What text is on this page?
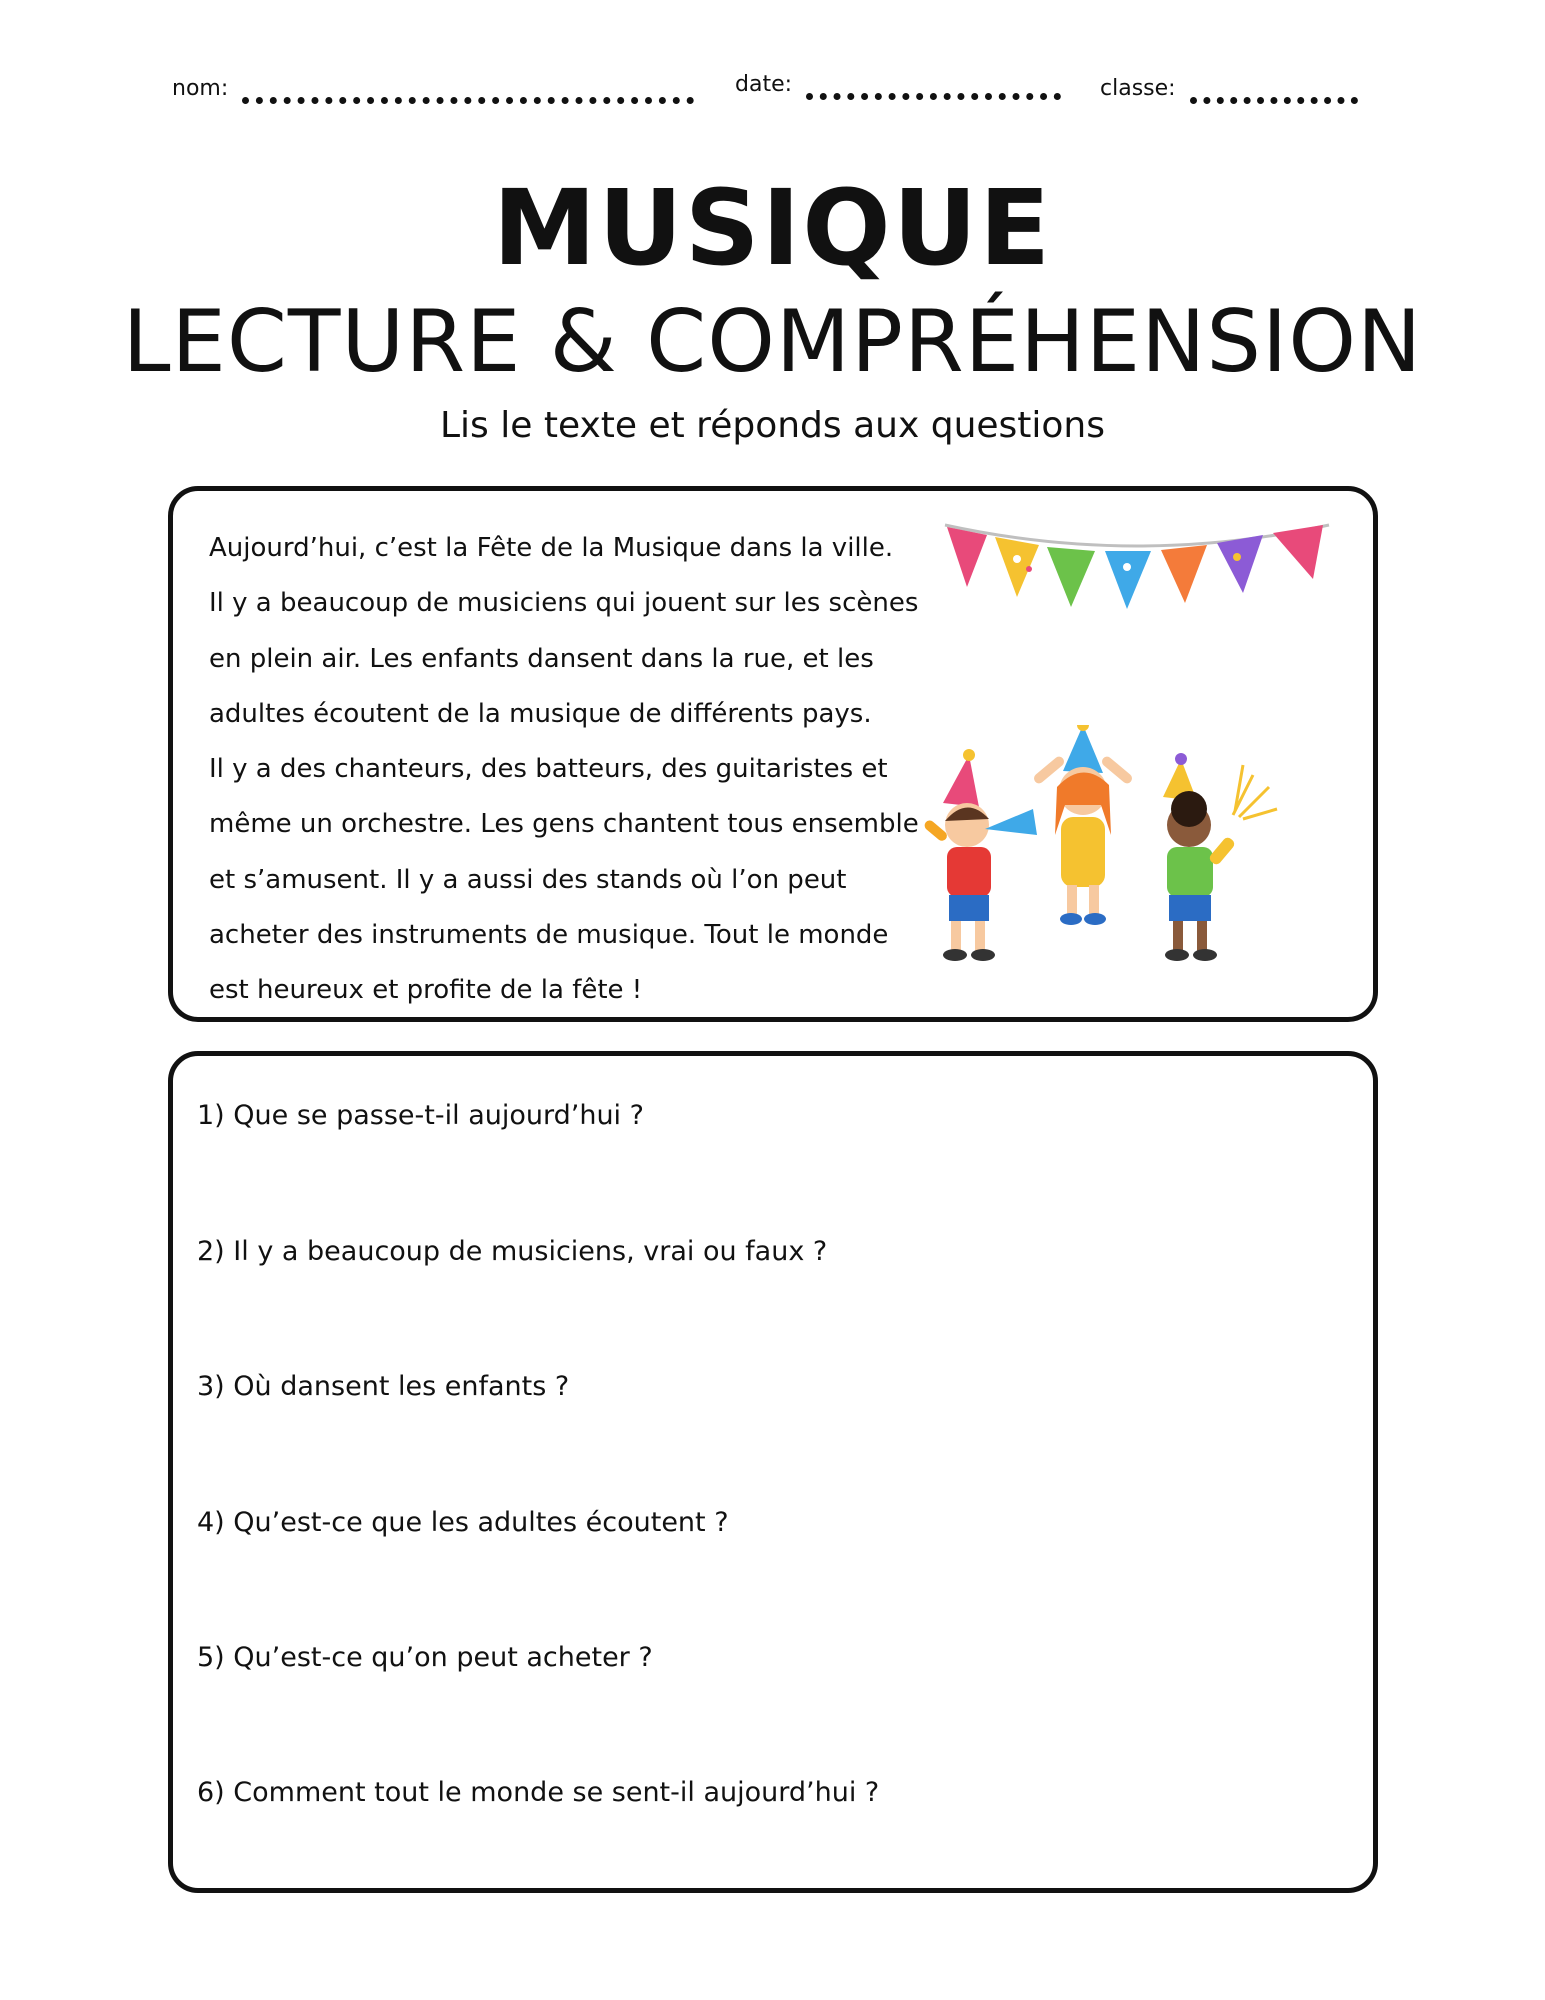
nom:	date:	classe:
MUSIQUE
LECTURE & COMPRÉHENSION
Lis le texte et réponds aux questions

Aujourd’hui, c’est la Fête de la Musique dans la ville.

Il y a beaucoup de musiciens qui jouent sur les scènes

en plein air. Les enfants dansent dans la rue, et les

adultes écoutent de la musique de différents pays.

Il y a des chanteurs, des batteurs, des guitaristes et

même un orchestre. Les gens chantent tous ensemble

et s’amusent. Il y a aussi des stands où l’on peut

acheter des instruments de musique. Tout le monde

est heureux et profite de la fête !

1) Que se passe-t-il aujourd’hui ?
2) Il y a beaucoup de musiciens, vrai ou faux ?
3) Où dansent les enfants ?
4) Qu’est-ce que les adultes écoutent ?
5) Qu’est-ce qu’on peut acheter ?
6) Comment tout le monde se sent-il aujourd’hui ?
